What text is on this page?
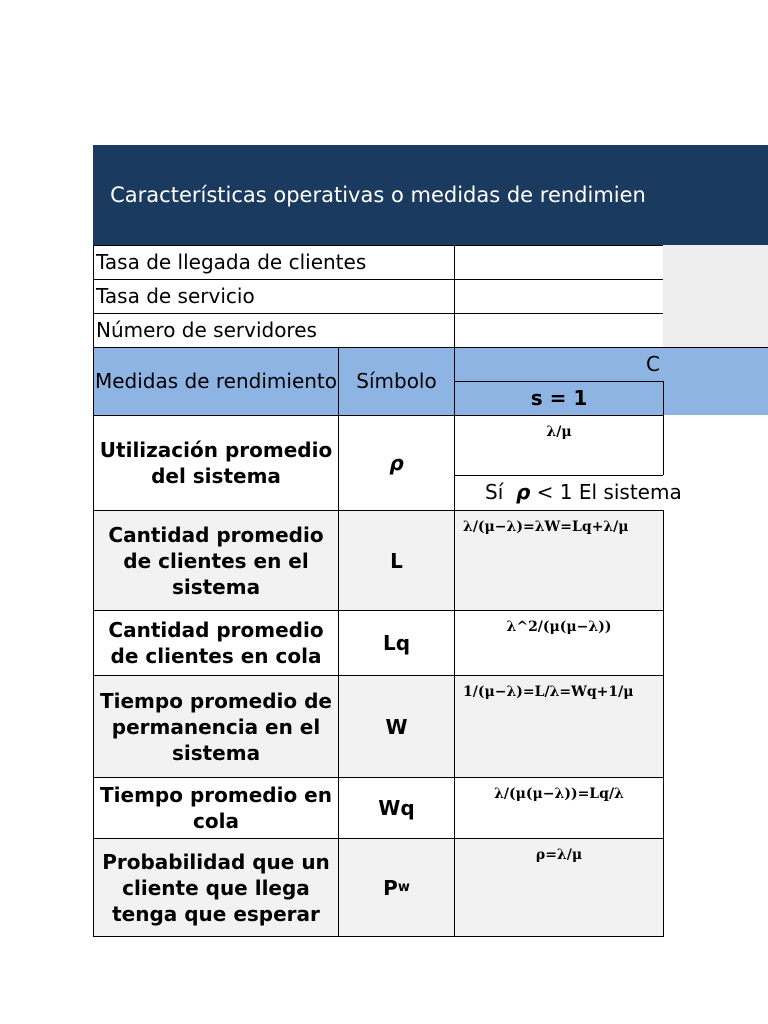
Características operativas o medidas de rendimien
Tasa de llegada de clientes
Tasa de servicio
Número de servidores
Medidas de rendimiento Símbolo
C
s = 1
Utilización promedio del sistema
ρ
λ/μ
Sí ρ < 1 El sistema
Cantidad promedio de clientes en el sistema
L
λ/(μ−λ)=λW=Lq+λ/μ
Cantidad promedio de clientes en cola
Lq
λ^2/(μ(μ−λ))
Tiempo promedio de permanencia en el sistema
W
1/(μ−λ)=L/λ=Wq+1/μ
Tiempo promedio en cola
Wq
λ/(μ(μ−λ))=Lq/λ
Probabilidad que un cliente que llega tenga que esperar
P w
ρ=λ/μ
